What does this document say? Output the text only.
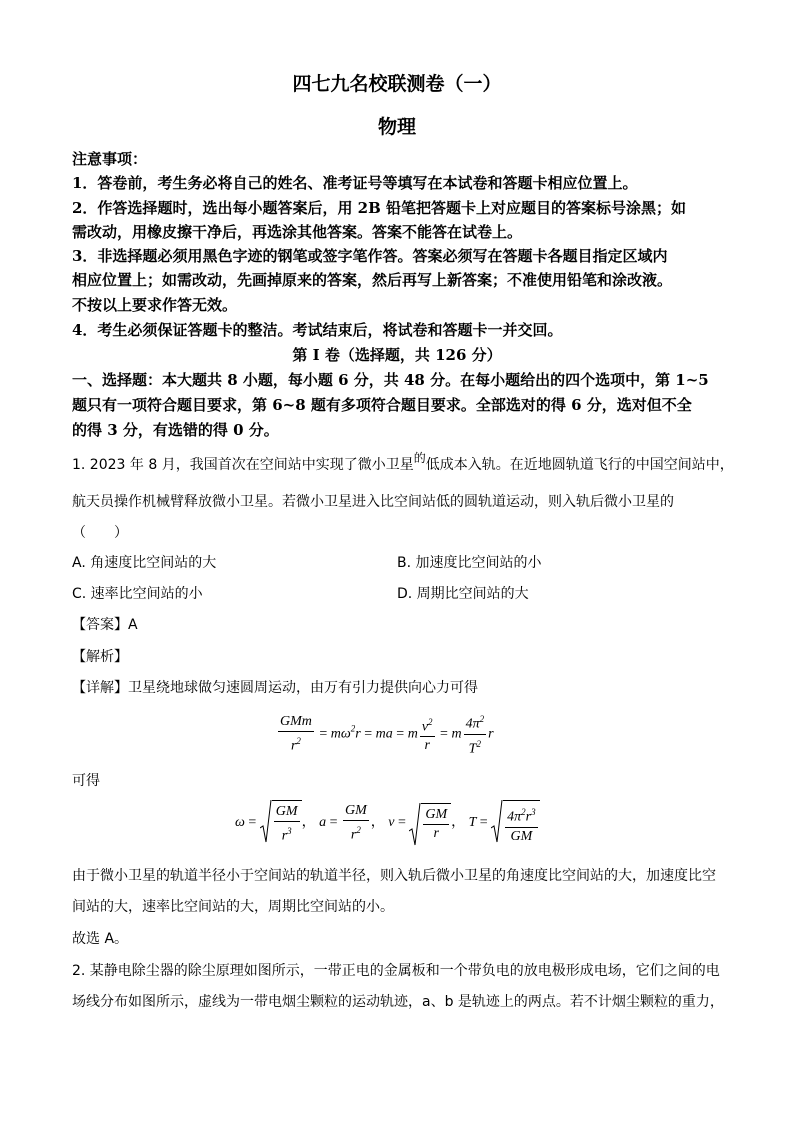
四七九名校联测卷（一）
物理
注意事项：
1．答卷前，考生务必将自己的姓名、准考证号等填写在本试卷和答题卡相应位置上。
2．作答选择题时，选出每小题答案后，用 2B 铅笔把答题卡上对应题目的答案标号涂黑；如
需改动，用橡皮擦干净后，再选涂其他答案。答案不能答在试卷上。
3．非选择题必须用黑色字迹的钢笔或签字笔作答。答案必须写在答题卡各题目指定区域内
相应位置上；如需改动，先画掉原来的答案，然后再写上新答案；不准使用铅笔和涂改液。
不按以上要求作答无效。
4．考生必须保证答题卡的整洁。考试结束后，将试卷和答题卡一并交回。
第 I 卷（选择题，共 126 分）
一、选择题：本大题共 8 小题，每小题 6 分，共 48 分。在每小题给出的四个选项中，第 1~5
题只有一项符合题目要求，第 6~8 题有多项符合题目要求。全部选对的得 6 分，选对但不全
的得 3 分，有选错的得 0 分。
1. 2023 年 8 月，我国首次在空间站中实现了微小卫星的低成本入轨。在近地圆轨道飞行的中国空间站中，
航天员操作机械臂释放微小卫星。若微小卫星进入比空间站低的圆轨道运动，则入轨后微小卫星的
（　　）
A. 角速度比空间站的大	B. 加速度比空间站的小
C. 速率比空间站的小	D. 周期比空间站的大
【答案】A
【解析】
【详解】卫星绕地球做匀速圆周运动，由万有引力提供向心力可得
$\frac{\text{GMm}}{r^2} = m\omega^2r$ = ma = m $\frac{v^2}{r} = m \frac{4\pi^2}{T^2}$ r
可得
$\omega = \frac{GM}{r^3}$ ， $a = \frac{GM}{r^2}$ ， $v = \frac{GM}{r}$ ， $T = \frac{4\pi^2r^3}{GM}$
由于微小卫星的轨道半径小于空间站的轨道半径，则入轨后微小卫星的角速度比空间站的大，加速度比空
间站的大，速率比空间站的大，周期比空间站的小。
故选 A。
2. 某静电除尘器的除尘原理如图所示，一带正电的金属板和一个带负电的放电极形成电场，它们之间的电
场线分布如图所示，虚线为一带电烟尘颗粒的运动轨迹，a、b 是轨迹上的两点。若不计烟尘颗粒的重力，
